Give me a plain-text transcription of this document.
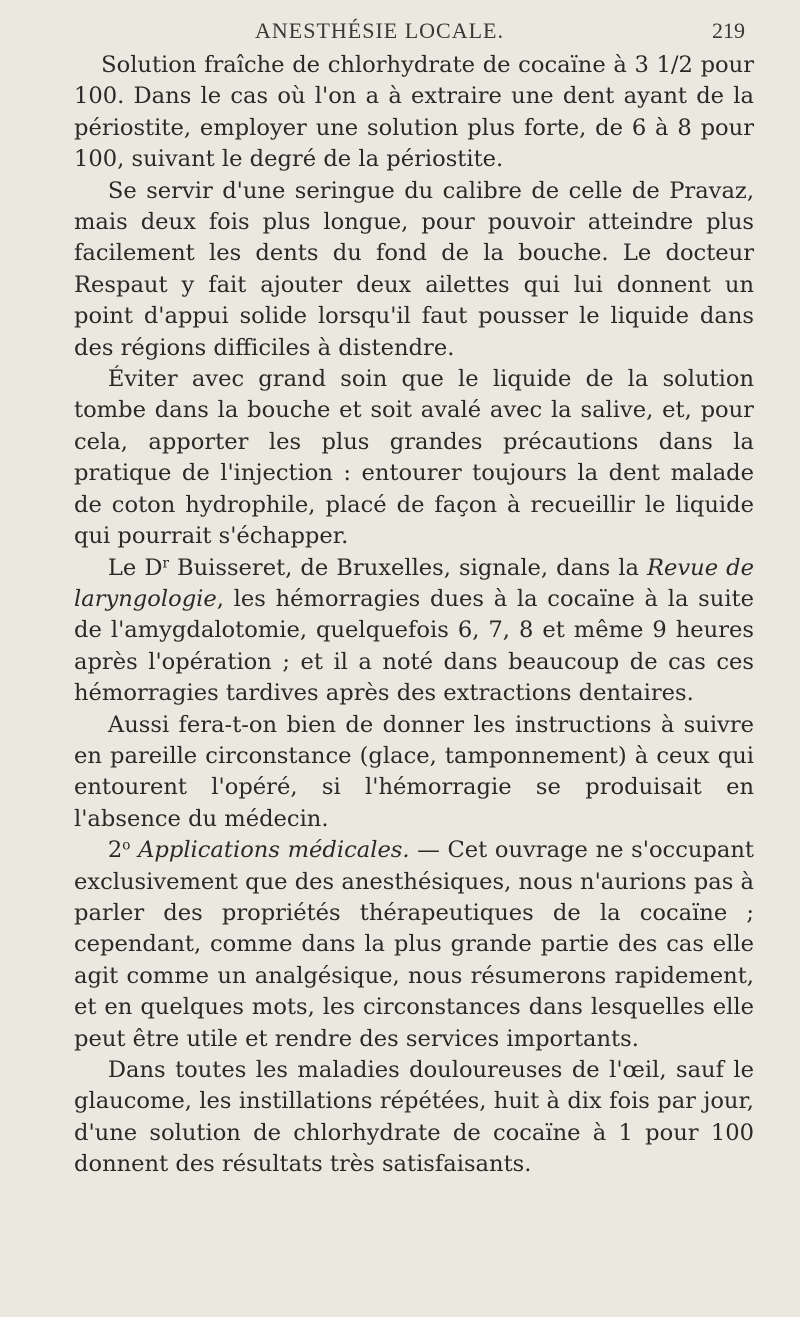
ANESTHÉSIE LOCALE.	219

Solution fraîche de chlorhydrate de cocaïne à 3 1/2 pour 100. Dans le cas où l'on a à extraire une dent ayant de la périostite, employer une solution plus forte, de 6 à 8 pour 100, suivant le degré de la périostite.

Se servir d'une seringue du calibre de celle de Pravaz, mais deux fois plus longue, pour pouvoir atteindre plus facilement les dents du fond de la bouche. Le docteur Respaut y fait ajouter deux ailettes qui lui donnent un point d'appui solide lorsqu'il faut pousser le liquide dans des régions difficiles à distendre.

Éviter avec grand soin que le liquide de la solution tombe dans la bouche et soit avalé avec la salive, et, pour cela, apporter les plus grandes précautions dans la pratique de l'injection : entourer toujours la dent malade de coton hydrophile, placé de façon à recueillir le liquide qui pourrait s'échapper.

Le $D^r$ Buisseret, de Bruxelles, signale, dans la Revue de laryngologie, les hémorragies dues à la cocaïne à la suite de l'amygdalotomie, quelquefois 6, 7, 8 et même 9 heures après l'opération ; et il a noté dans beaucoup de cas ces hémorragies tardives après des extractions dentaires.

Aussi fera-t-on bien de donner les instructions à suivre en pareille circonstance (glace, tamponnement) à ceux qui entourent l'opéré, si l'hémorragie se produisait en l'absence du médecin.

2$^o$ Applications médicales. — Cet ouvrage ne s'occupant exclusivement que des anesthésiques, nous n'aurions pas à parler des propriétés thérapeutiques de la cocaïne ; cependant, comme dans la plus grande partie des cas elle agit comme un analgésique, nous résumerons rapidement, et en quelques mots, les circonstances dans lesquelles elle peut être utile et rendre des services importants.

Dans toutes les maladies douloureuses de l'œil, sauf le glaucome, les instillations répétées, huit à dix fois par jour, d'une solution de chlorhydrate de cocaïne à 1 pour 100 donnent des résultats très satisfaisants.
